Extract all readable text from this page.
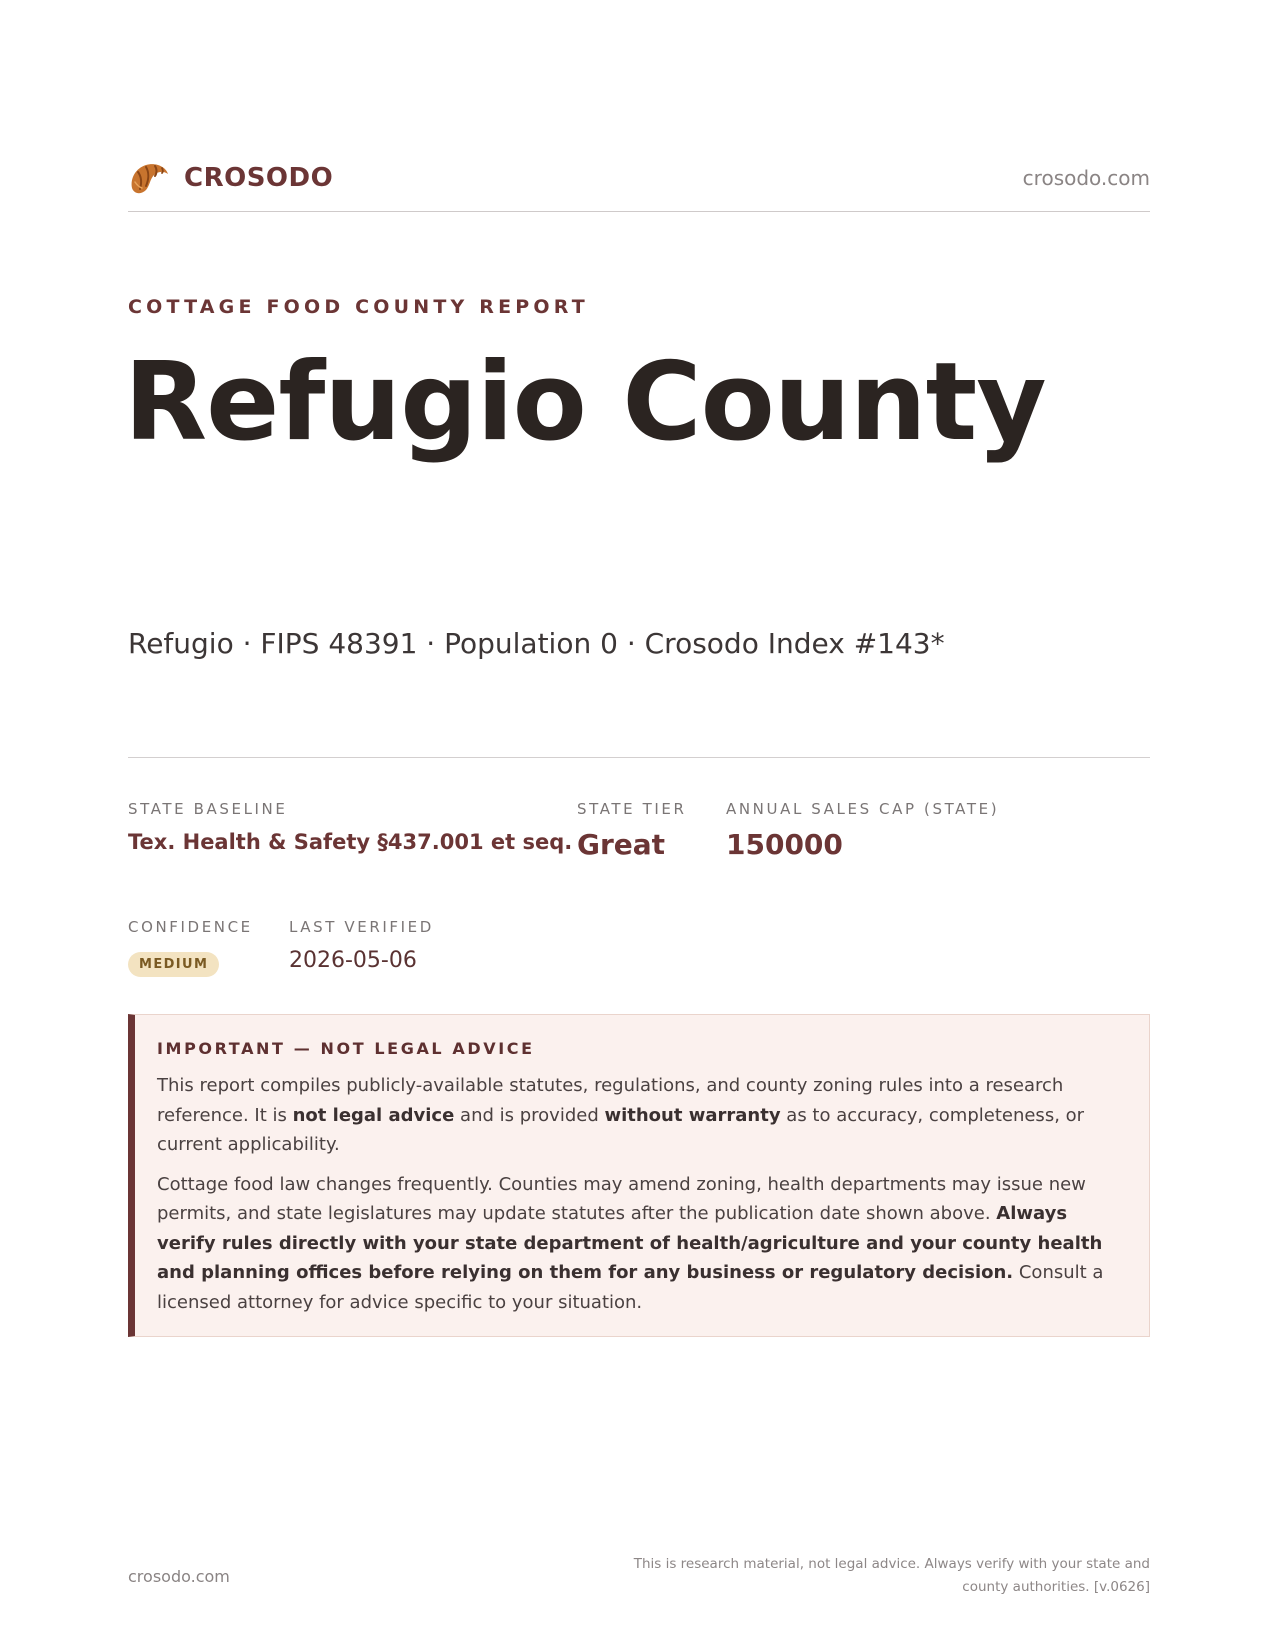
CROSODO	crosodo.com
COTTAGE FOOD COUNTY REPORT
Refugio County
Refugio · FIPS 48391 · Population 0 · Crosodo Index #143*
STATE BASELINE
Tex. Health & Safety §437.001 et seq.
STATE TIER
Great
ANNUAL SALES CAP (STATE)
150000
CONFIDENCE
MEDIUM
LAST VERIFIED
2026-05-06
IMPORTANT — NOT LEGAL ADVICE

This report compiles publicly-available statutes, regulations, and county zoning rules into a research reference. It is not legal advice and is provided without warranty as to accuracy, completeness, or current applicability.

Cottage food law changes frequently. Counties may amend zoning, health departments may issue new permits, and state legislatures may update statutes after the publication date shown above. Always verify rules directly with your state department of health/agriculture and your county health and planning offices before relying on them for any business or regulatory decision. Consult a licensed attorney for advice specific to your situation.

crosodo.com
This is research material, not legal advice. Always verify with your state and county authorities. [v.0626]
